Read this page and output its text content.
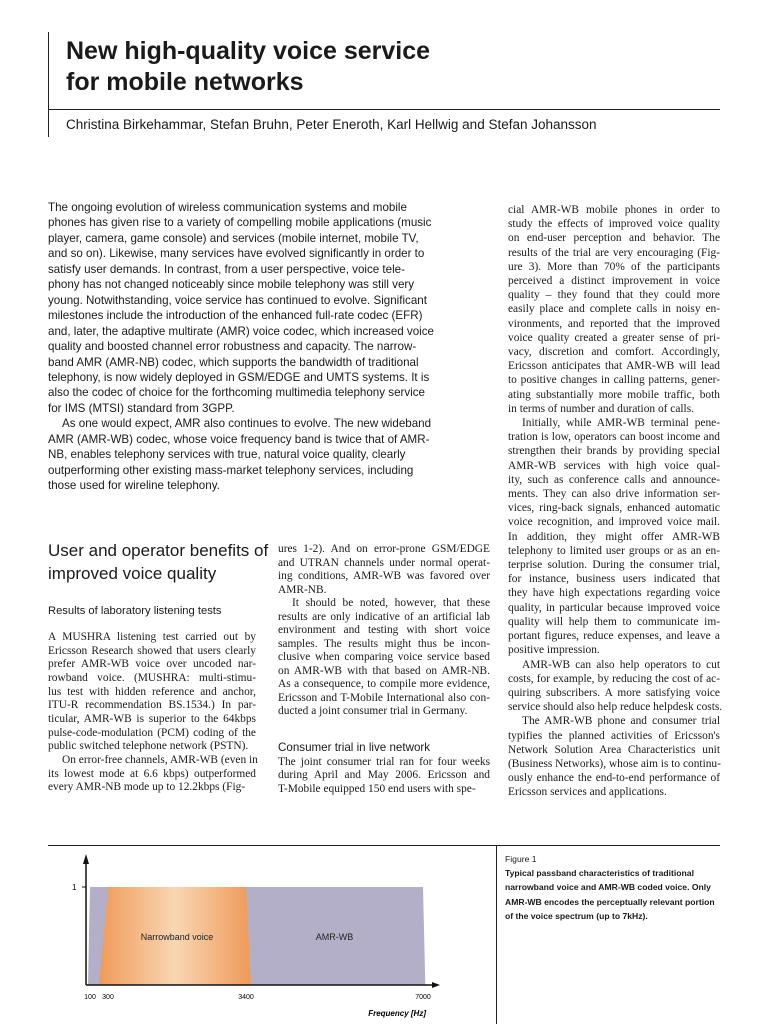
New high-quality voice service
for mobile networks
Christina Birkehammar, Stefan Bruhn, Peter Eneroth, Karl Hellwig and Stefan Johansson
The ongoing evolution of wireless communication systems and mobile
phones has given rise to a variety of compelling mobile applications (music
player, camera, game console) and services (mobile internet, mobile TV,
and so on). Likewise, many services have evolved significantly in order to
satisfy user demands. In contrast, from a user perspective, voice tele-
phony has not changed noticeably since mobile telephony was still very
young. Notwithstanding, voice service has continued to evolve. Significant
milestones include the introduction of the enhanced full-rate codec (EFR)
and, later, the adaptive multirate (AMR) voice codec, which increased voice
quality and boosted channel error robustness and capacity. The narrow-
band AMR (AMR-NB) codec, which supports the bandwidth of traditional
telephony, is now widely deployed in GSM/EDGE and UMTS systems. It is
also the codec of choice for the forthcoming multimedia telephony service
for IMS (MTSI) standard from 3GPP.
As one would expect, AMR also continues to evolve. The new wideband
AMR (AMR-WB) codec, whose voice frequency band is twice that of AMR-
NB, enables telephony services with true, natural voice quality, clearly
outperforming other existing mass-market telephony services, including
those used for wireline telephony.
User and operator benefits of improved voice quality
Results of laboratory listening tests
A MUSHRA listening test carried out by
Ericsson Research showed that users clearly
prefer AMR-WB voice over uncoded nar-
rowband voice. (MUSHRA: multi-stimu-
lus test with hidden reference and anchor,
ITU-R recommendation BS.1534.) In par-
ticular, AMR-WB is superior to the 64kbps
pulse-code-modulation (PCM) coding of the
public switched telephone network (PSTN).
On error-free channels, AMR-WB (even in
its lowest mode at 6.6 kbps) outperformed
every AMR-NB mode up to 12.2kbps (Fig-
ures 1-2). And on error-prone GSM/EDGE
and UTRAN channels under normal operat-
ing conditions, AMR-WB was favored over
AMR-NB.
It should be noted, however, that these
results are only indicative of an artificial lab
environment and testing with short voice
samples. The results might thus be incon-
clusive when comparing voice service based
on AMR-WB with that based on AMR-NB.
As a consequence, to compile more evidence,
Ericsson and T-Mobile International also con-
ducted a joint consumer trial in Germany.
The joint consumer trial ran for four weeks
during April and May 2006. Ericsson and
T-Mobile equipped 150 end users with spe-
Consumer trial in live network
cial AMR-WB mobile phones in order to
study the effects of improved voice quality
on end-user perception and behavior. The
results of the trial are very encouraging (Fig-
ure 3). More than 70% of the participants
perceived a distinct improvement in voice
quality – they found that they could more
easily place and complete calls in noisy en-
vironments, and reported that the improved
voice quality created a greater sense of pri-
vacy, discretion and comfort. Accordingly,
Ericsson anticipates that AMR-WB will lead
to positive changes in calling patterns, gener-
ating substantially more mobile traffic, both
in terms of number and duration of calls.
Initially, while AMR-WB terminal pene-
tration is low, operators can boost income and
strengthen their brands by providing special
AMR-WB services with high voice qual-
ity, such as conference calls and announce-
ments. They can also drive information ser-
vices, ring-back signals, enhanced automatic
voice recognition, and improved voice mail.
In addition, they might offer AMR-WB
telephony to limited user groups or as an en-
terprise solution. During the consumer trial,
for instance, business users indicated that
they have high expectations regarding voice
quality, in particular because improved voice
quality will help them to communicate im-
portant figures, reduce expenses, and leave a
positive impression.
AMR-WB can also help operators to cut
costs, for example, by reducing the cost of ac-
quiring subscribers. A more satisfying voice
service should also help reduce helpdesk costs.
The AMR-WB phone and consumer trial
typifies the planned activities of Ericsson's
Network Solution Area Characteristics unit
(Business Networks), whose aim is to continu-
ously enhance the end-to-end performance of
Ericsson services and applications.
AMR-WB
Narrowband voice
1
100 300	3400	7000
Frequency [Hz]
Figure 1
Typical passband characteristics of traditional narrowband voice and AMR-WB coded voice. Only AMR-WB encodes the perceptually relevant portion of the voice spectrum (up to 7kHz).
